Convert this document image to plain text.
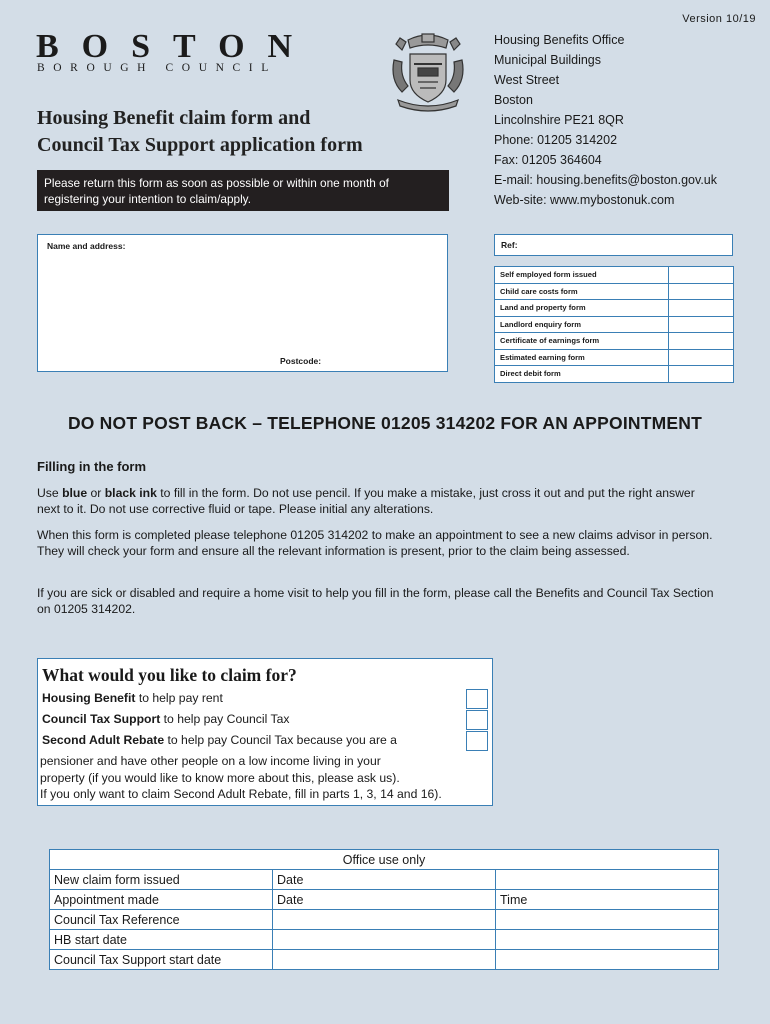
Version 10/19
BOSTON
BOROUGH COUNCIL
Housing Benefits Office
Municipal Buildings
West Street
Boston
Lincolnshire PE21 8QR
Phone: 01205 314202
Fax: 01205 364604
E-mail: housing.benefits@boston.gov.uk
Web-site: www.mybostonuk.com
Housing Benefit claim form and
Council Tax Support application form
Please return this form as soon as possible or within one month of registering your intention to claim/apply.
Name and address:
Postcode:
Ref:
Self employed form issued	
Child care costs form	
Land and property form	
Landlord enquiry form	
Certificate of earnings form	
Estimated earning form	
Direct debit form	
DO NOT POST BACK – TELEPHONE 01205 314202 FOR AN APPOINTMENT
Filling in the form
Use blue or black ink to fill in the form. Do not use pencil. If you make a mistake, just cross it out and put the right answer next to it. Do not use corrective fluid or tape. Please initial any alterations.
When this form is completed please telephone 01205 314202 to make an appointment to see a new claims advisor in person. They will check your form and ensure all the relevant information is present, prior to the claim being assessed.
If you are sick or disabled and require a home visit to help you fill in the form, please call the Benefits and Council Tax Section on 01205 314202.
What would you like to claim for?
Housing Benefit to help pay rent
Council Tax Support to help pay Council Tax
Second Adult Rebate to help pay Council Tax because you are a
pensioner and have other people on a low income living in your
property (if you would like to know more about this, please ask us).
If you only want to claim Second Adult Rebate, fill in parts 1, 3, 14 and 16).
Office use only		
New claim form issued	Date	
Appointment made	Date	Time
Council Tax Reference		
HB start date		
Council Tax Support start date		
